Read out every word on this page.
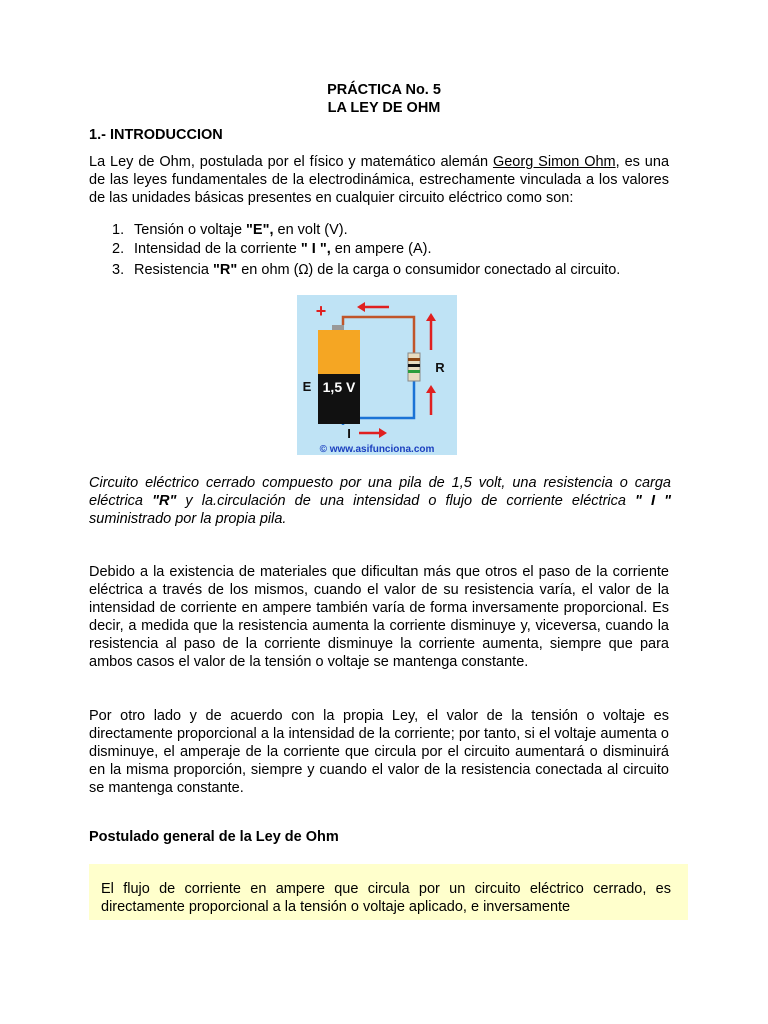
PRÁCTICA No. 5
LA LEY DE OHM
1.- INTRODUCCION
La Ley de Ohm, postulada por el físico y matemático alemán Georg Simon Ohm, es una de las leyes fundamentales de la electrodinámica, estrechamente vinculada a los valores de las unidades básicas presentes en cualquier circuito eléctrico como son:
1. Tensión o voltaje "E", en volt (V).
2. Intensidad de la corriente " I ", en ampere (A).
3. Resistencia "R" en ohm (Ω) de la carga o consumidor conectado al circuito.
1,5 V
+
−
E
R
I
© www.asifunciona.com
Circuito eléctrico cerrado compuesto por una pila de 1,5 volt, una resistencia o carga eléctrica "R" y la.circulación de una intensidad o flujo de corriente eléctrica " I " suministrado por la propia pila.
Debido a la existencia de materiales que dificultan más que otros el paso de la corriente eléctrica a través de los mismos, cuando el valor de su resistencia varía, el valor de la intensidad de corriente en ampere también varía de forma inversamente proporcional. Es decir, a medida que la resistencia aumenta la corriente disminuye y, viceversa, cuando la resistencia al paso de la corriente disminuye la corriente aumenta, siempre que para ambos casos el valor de la tensión o voltaje se mantenga constante.
Por otro lado y de acuerdo con la propia Ley, el valor de la tensión o voltaje es directamente proporcional a la intensidad de la corriente; por tanto, si el voltaje aumenta o disminuye, el amperaje de la corriente que circula por el circuito aumentará o disminuirá en la misma proporción, siempre y cuando el valor de la resistencia conectada al circuito se mantenga constante.
Postulado general de la Ley de Ohm
El flujo de corriente en ampere que circula por un circuito eléctrico cerrado, es directamente proporcional a la tensión o voltaje aplicado, e inversamente
